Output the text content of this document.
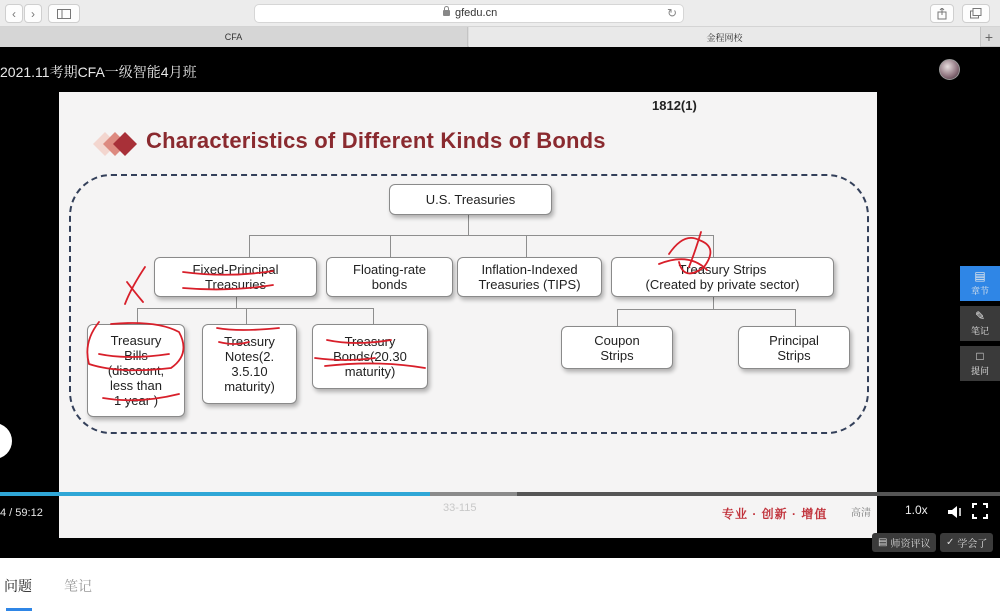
‹ ›	gfedu.cn	↻
CFA	金程网校	+
2021.11考期CFA一级智能4月班
1812(1)
Characteristics of Different Kinds of Bonds
U.S. Treasuries
Fixed-Principal
Treasuries
Floating-rate
bonds
Inflation-Indexed
Treasuries (TIPS)
Treasury Strips
(Created by private sector)
Treasury
Bills
(discount,
less than
1 year )
Treasury
Notes(2.
3.5.10
maturity)
Treasury
Bonds(20.30
maturity)
Coupon
Strips
Principal
Strips
▤
章节
✎
笔记
□
提问
4 / 59:12	33-115	专业 · 创新 · 增值 高清	1.0x
▤ 师资评议 ✓ 学会了
问题 笔记
